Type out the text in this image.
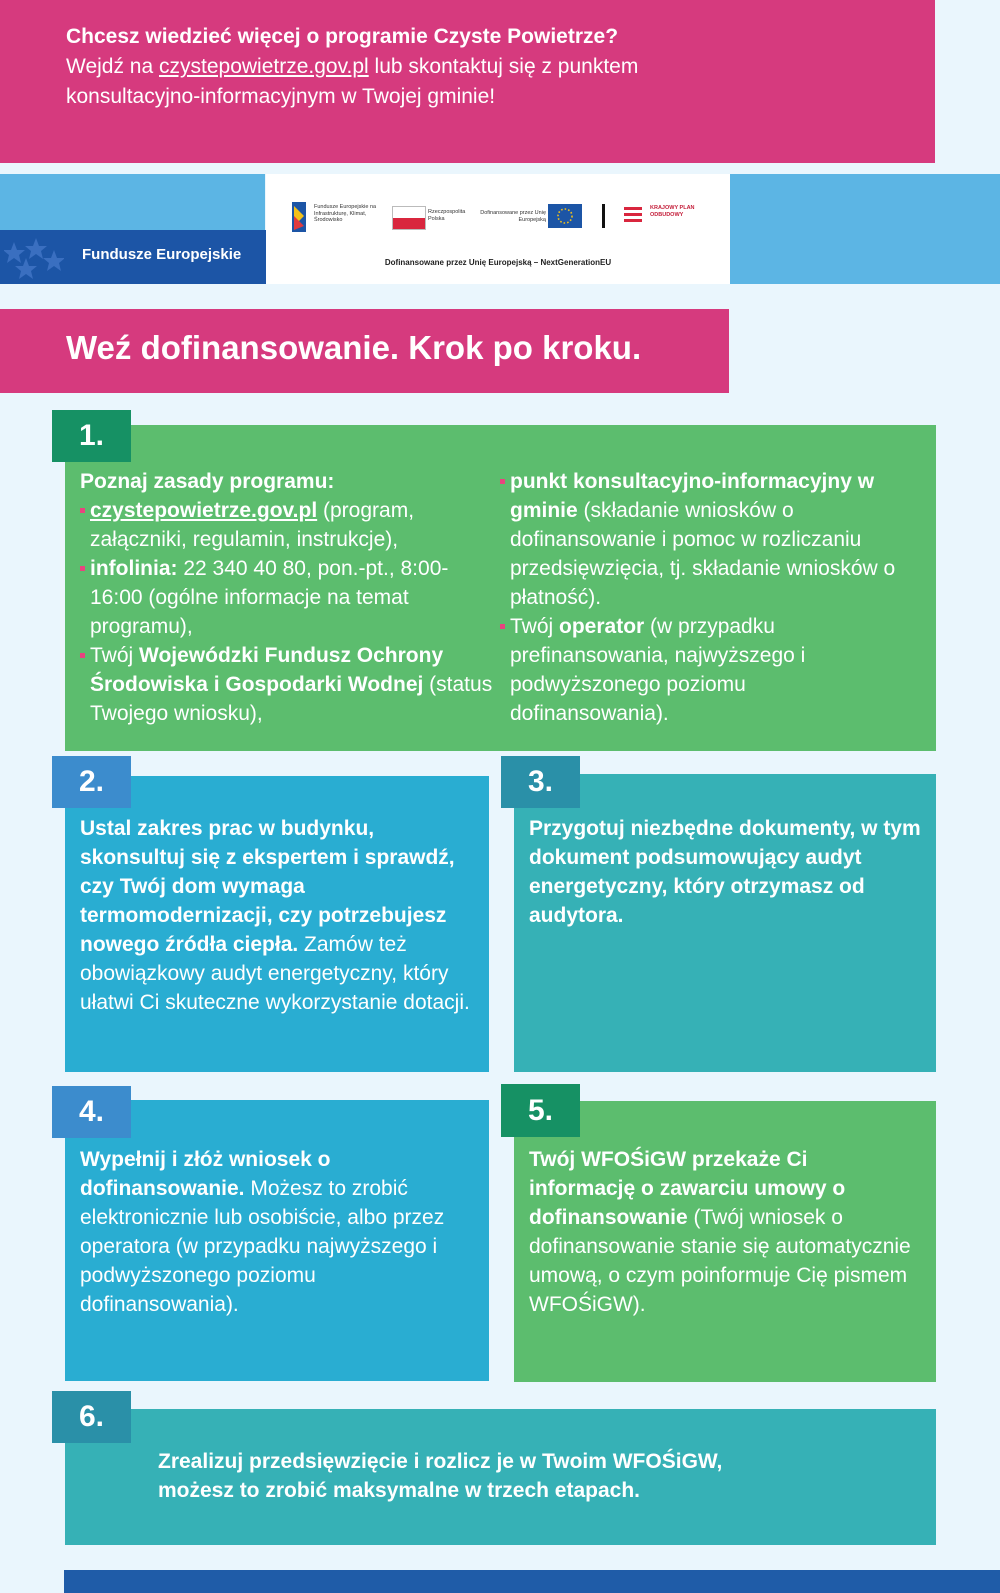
Chcesz wiedzieć więcej o programie Czyste Powietrze?
Wejdź na czystepowietrze.gov.pl lub skontaktuj się z punktem
konsultacyjno-informacyjnym w Twojej gminie!
Fundusze Europejskie
Fundusze Europejskie na Infrastrukturę, Klimat, Środowisko
Rzeczpospolita Polska
Dofinansowane przez Unię Europejską
KRAJOWY PLAN ODBUDOWY
Dofinansowane przez Unię Europejską – NextGenerationEU
Weź dofinansowanie. Krok po kroku.
1.
Poznaj zasady programu:
czystepowietrze.gov.pl (program, załączniki, regulamin, instrukcje),
infolinia: 22 340 40 80, pon.-pt., 8:00-16:00 (ogólne informacje na temat programu),
Twój Wojewódzki Fundusz Ochrony Środowiska i Gospodarki Wodnej (status Twojego wniosku),
punkt konsultacyjno-informacyjny w gminie (składanie wniosków o dofinansowanie i pomoc w rozliczaniu przedsięwzięcia, tj. składanie wniosków o płatność).
Twój operator (w przypadku prefinansowania, najwyższego i podwyższonego poziomu dofinansowania).
2.
Ustal zakres prac w budynku, skonsultuj się z ekspertem i sprawdź, czy Twój dom wymaga termomodernizacji, czy potrzebujesz nowego źródła ciepła. Zamów też obowiązkowy audyt energetyczny, który ułatwi Ci skuteczne wykorzystanie dotacji.
3.
Przygotuj niezbędne dokumenty, w tym dokument podsumowujący audyt energetyczny, który otrzymasz od audytora.
4.
Wypełnij i złóż wniosek o dofinansowanie. Możesz to zrobić elektronicznie lub osobiście, albo przez operatora (w przypadku najwyższego i podwyższonego poziomu dofinansowania).
5.
Twój WFOŚiGW przekaże Ci informację o zawarciu umowy o dofinansowanie (Twój wniosek o dofinansowanie stanie się automatycznie umową, o czym poinformuje Cię pismem WFOŚiGW).
6.
Zrealizuj przedsięwzięcie i rozlicz je w Twoim WFOŚiGW, możesz to zrobić maksymalne w trzech etapach.
